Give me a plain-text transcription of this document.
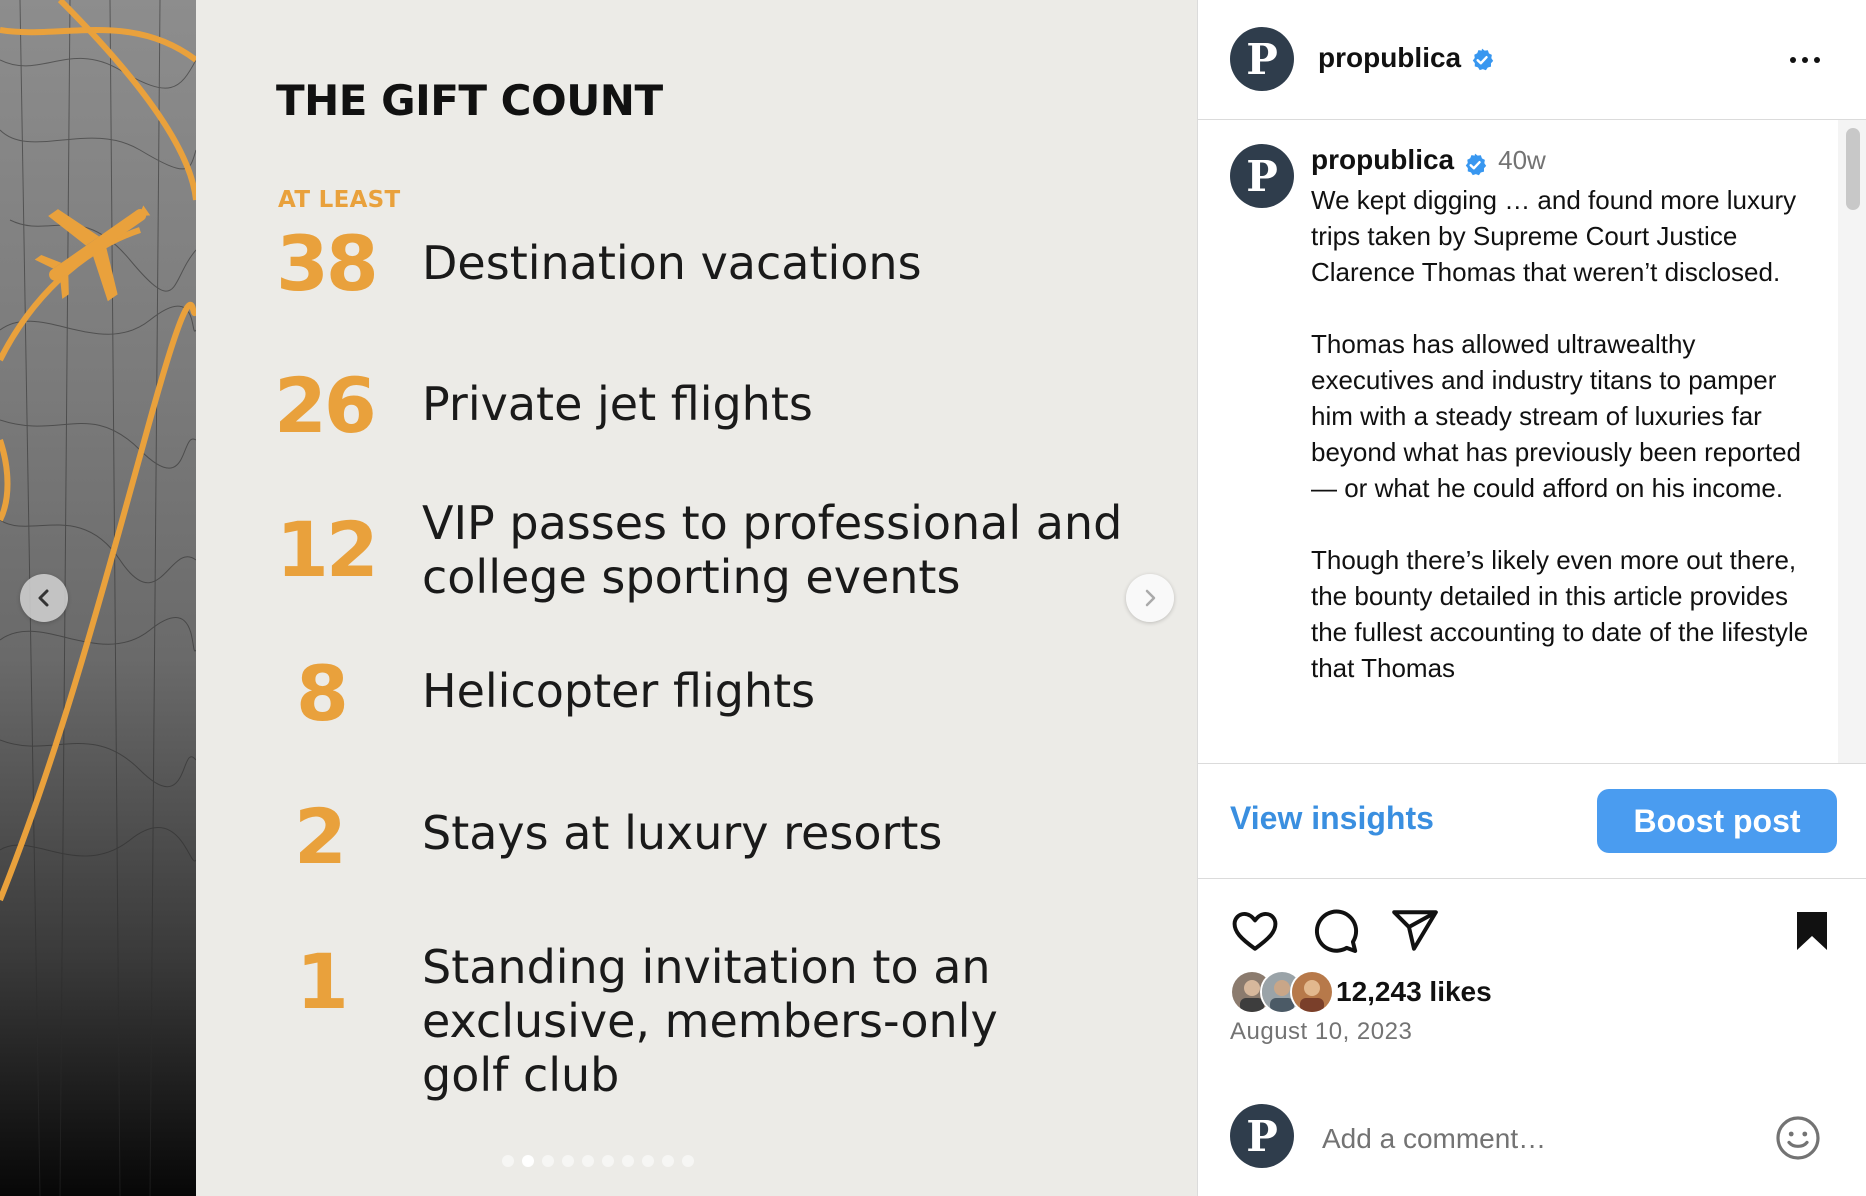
THE GIFT COUNT
AT LEAST
38 Destination vacations
26 Private jet flights
12 VIP passes to professional and college sporting events
8 Helicopter flights
2 Stays at luxury resorts
1 Standing invitation to an exclusive, members-only golf club
P	propublica
P	propublica 40w
We kept digging … and found more luxury trips taken by Supreme Court Justice Clarence Thomas that weren’t disclosed.

Thomas has allowed ultrawealthy executives and industry titans to pamper him with a steady stream of luxuries far beyond what has previously been reported — or what he could afford on his income.

Though there’s likely even more out there, the bounty detailed in this article provides the fullest accounting to date of the lifestyle that Thomas
View insights	Boost post
12,243 likes
August 10, 2023
P
Add a comment…
